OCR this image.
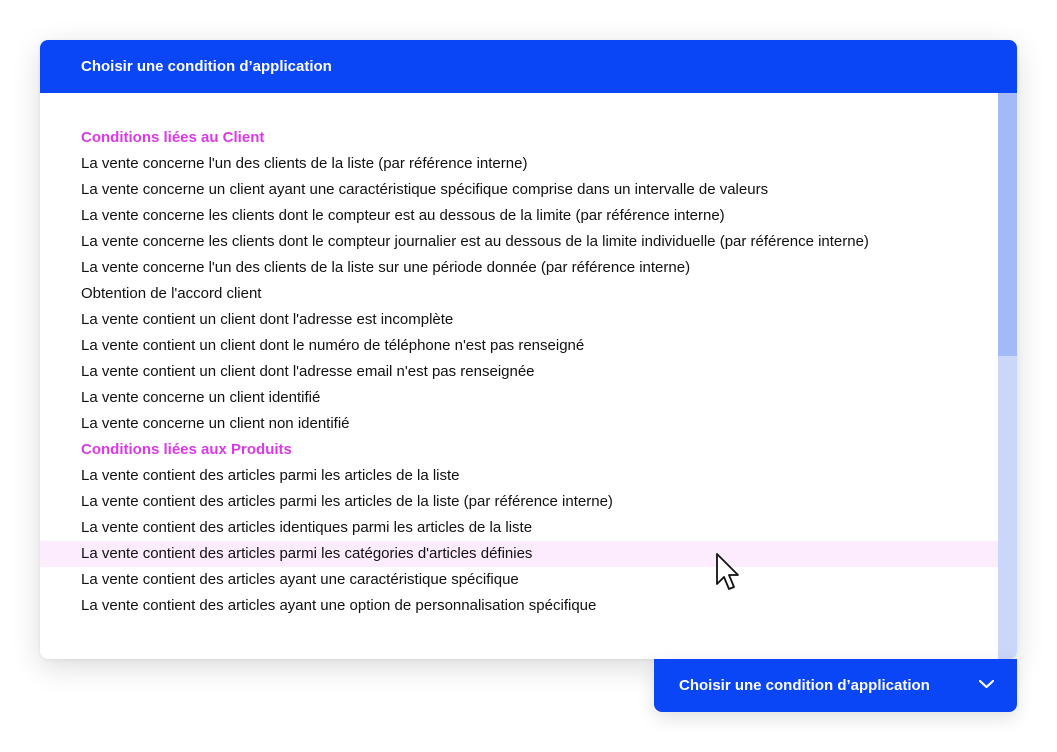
Choisir une condition d’application
Conditions liées au Client
La vente concerne l'un des clients de la liste (par référence interne)
La vente concerne un client ayant une caractéristique spécifique comprise dans un intervalle de valeurs
La vente concerne les clients dont le compteur est au dessous de la limite (par référence interne)
La vente concerne les clients dont le compteur journalier est au dessous de la limite individuelle (par référence interne)
La vente concerne l'un des clients de la liste sur une période donnée (par référence interne)
Obtention de l'accord client
La vente contient un client dont l'adresse est incomplète
La vente contient un client dont le numéro de téléphone n'est pas renseigné
La vente contient un client dont l'adresse email n'est pas renseignée
La vente concerne un client identifié
La vente concerne un client non identifié
Conditions liées aux Produits
La vente contient des articles parmi les articles de la liste
La vente contient des articles parmi les articles de la liste (par référence interne)
La vente contient des articles identiques parmi les articles de la liste
La vente contient des articles parmi les catégories d'articles définies
La vente contient des articles ayant une caractéristique spécifique
La vente contient des articles ayant une option de personnalisation spécifique
Choisir une condition d’application
